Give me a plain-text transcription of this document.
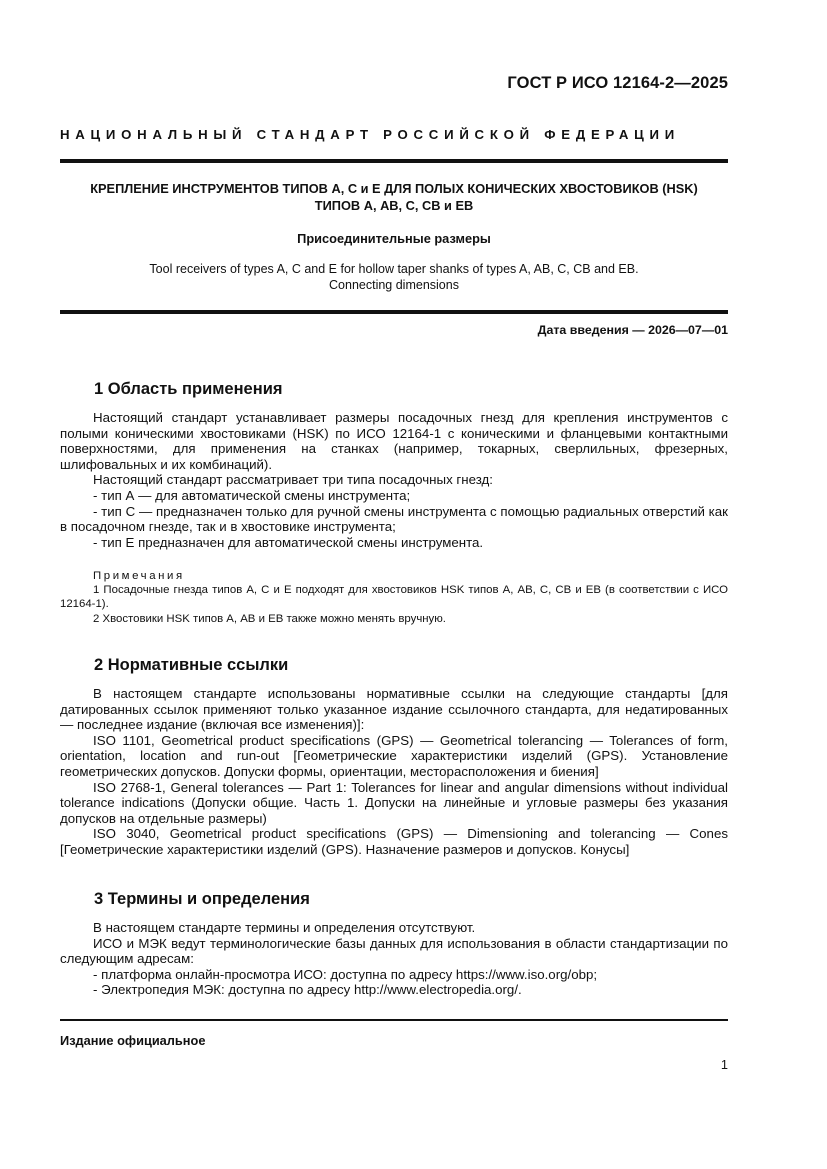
ГОСТ Р ИСО 12164-2—2025
НАЦИОНАЛЬНЫЙ СТАНДАРТ РОССИЙСКОЙ ФЕДЕРАЦИИ
КРЕПЛЕНИЕ ИНСТРУМЕНТОВ ТИПОВ А, С и Е ДЛЯ ПОЛЫХ КОНИЧЕСКИХ ХВОСТОВИКОВ (HSK)
ТИПОВ А, АВ, С, СВ и ЕВ
Присоединительные размеры
Tool receivers of types A, C and E for hollow taper shanks of types A, AB, C, CB and EB.
Connecting dimensions
Дата введения — 2026—07—01
1 Область применения

Настоящий стандарт устанавливает размеры посадочных гнезд для крепления инструментов с полыми коническими хвостовиками (HSK) по ИСО 12164-1 с коническими и фланцевыми контактными поверхностями, для применения на станках (например, токарных, сверлильных, фрезерных, шлифовальных и их комбинаций).

Настоящий стандарт рассматривает три типа посадочных гнезд:

- тип А — для автоматической смены инструмента;

- тип С — предназначен только для ручной смены инструмента с помощью радиальных отверстий как в посадочном гнезде, так и в хвостовике инструмента;

- тип Е предназначен для автоматической смены инструмента.

Примечания

1 Посадочные гнезда типов А, С и Е подходят для хвостовиков HSK типов А, АВ, С, СВ и ЕВ (в соответствии с ИСО 12164-1).

2 Хвостовики HSK типов А, АВ и ЕВ также можно менять вручную.

2 Нормативные ссылки

В настоящем стандарте использованы нормативные ссылки на следующие стандарты [для датированных ссылок применяют только указанное издание ссылочного стандарта, для недатированных — последнее издание (включая все изменения)]:

ISO 1101, Geometrical product specifications (GPS) — Geometrical tolerancing — Tolerances of form, orientation, location and run-out [Геометрические характеристики изделий (GPS). Установление геометрических допусков. Допуски формы, ориентации, месторасположения и биения]

ISO 2768-1, General tolerances — Part 1: Tolerances for linear and angular dimensions without individual tolerance indications (Допуски общие. Часть 1. Допуски на линейные и угловые размеры без указания допусков на отдельные размеры)

ISO 3040, Geometrical product specifications (GPS) — Dimensioning and tolerancing — Cones [Геометрические характеристики изделий (GPS). Назначение размеров и допусков. Конусы]

3 Термины и определения

В настоящем стандарте термины и определения отсутствуют.

ИСО и МЭК ведут терминологические базы данных для использования в области стандартизации по следующим адресам:

- платформа онлайн-просмотра ИСО: доступна по адресу https://www.iso.org/obp;

- Электропедия МЭК: доступна по адресу http://www.electropedia.org/.

Издание официальное
1
